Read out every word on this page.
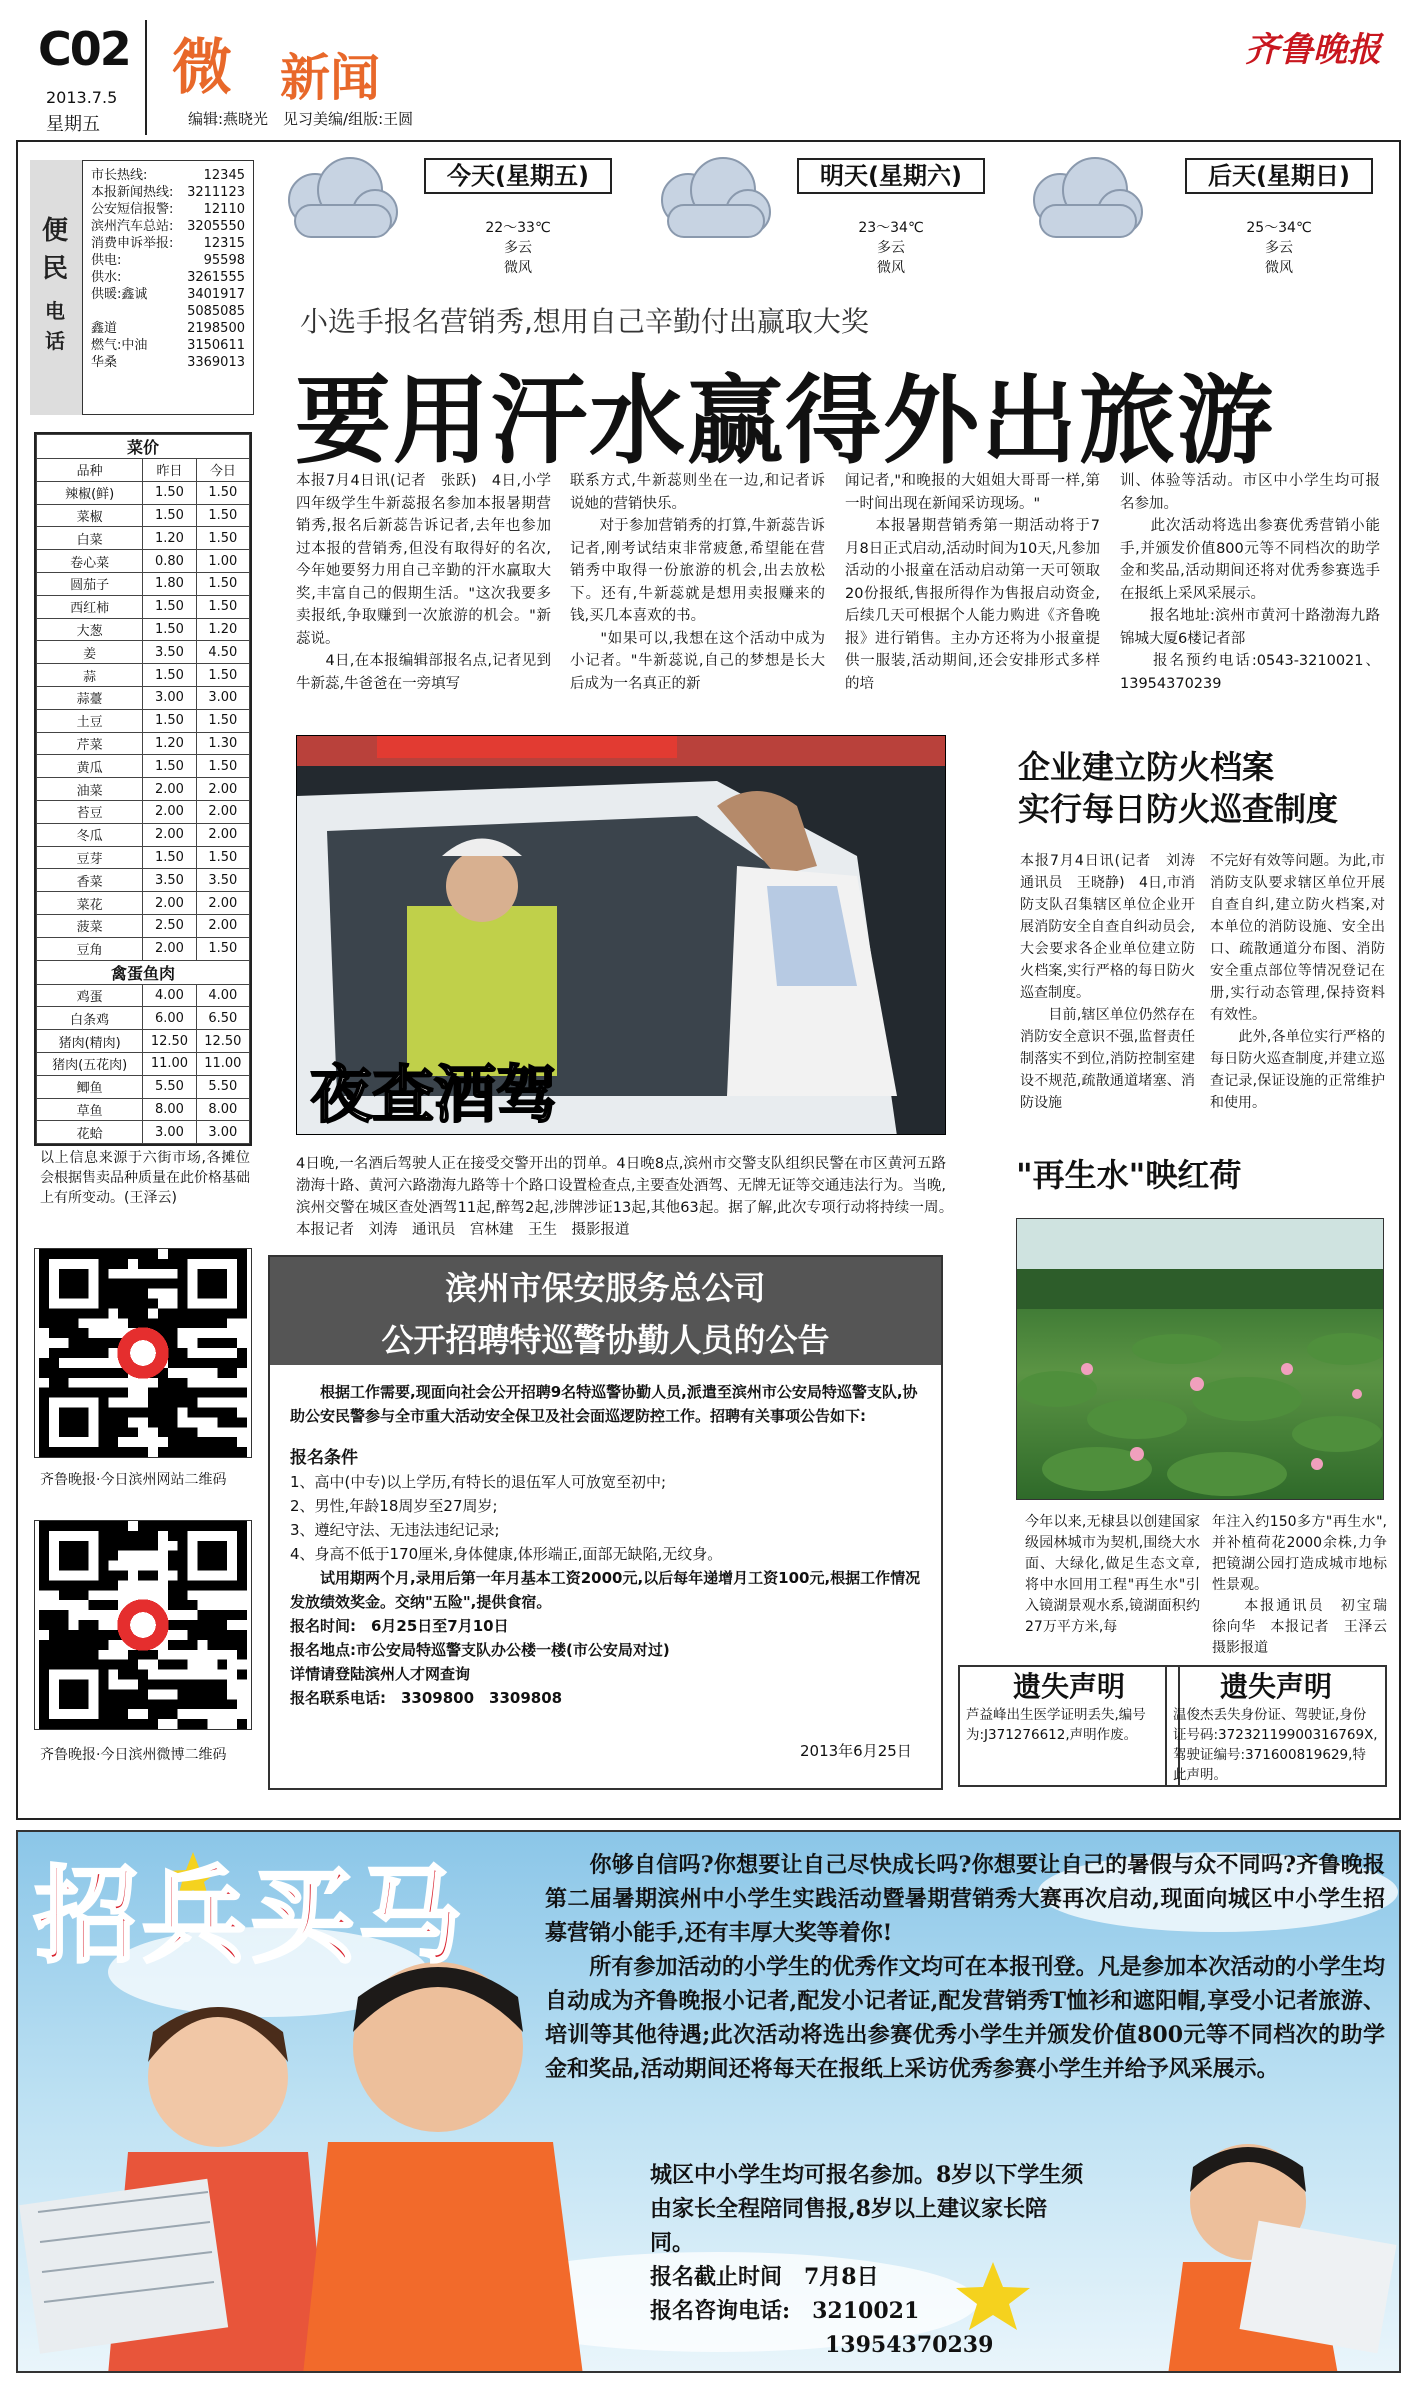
C02
2013.7.5
星期五
微 新闻
编辑:燕晓光　见习美编/组版:王圆
齐鲁晚报
便
民
电
话
市长热线:	12345
本报新闻热线: 3211123
公安短信报警: 12110
滨州汽车总站: 3205550
消费申诉举报: 12315
供电:	95598
供水:	3261555
供暖:鑫诚	3401917
5085085
鑫道	2198500
燃气:中油	3150611
华桑	3369013
今天(星期五)
22～33℃
多云
微风
明天(星期六)
23～34℃
多云
微风
后天(星期日)
25～34℃
多云
微风
小选手报名营销秀,想用自己辛勤付出赢取大奖
要用汗水赢得外出旅游
本报7月4日讯(记者　张跃)　4日,小学四年级学生牛新蕊报名参加本报暑期营销秀,报名后新蕊告诉记者,去年也参加过本报的营销秀,但没有取得好的名次,今年她要努力用自己辛勤的汗水赢取大奖,丰富自己的假期生活。"这次我要多卖报纸,争取赚到一次旅游的机会。"新蕊说。
　　4日,在本报编辑部报名点,记者见到牛新蕊,牛爸爸在一旁填写
联系方式,牛新蕊则坐在一边,和记者诉说她的营销快乐。
　　对于参加营销秀的打算,牛新蕊告诉记者,刚考试结束非常疲惫,希望能在营销秀中取得一份旅游的机会,出去放松下。还有,牛新蕊就是想用卖报赚来的钱,买几本喜欢的书。
　　"如果可以,我想在这个活动中成为小记者。"牛新蕊说,自己的梦想是长大后成为一名真正的新
闻记者,"和晚报的大姐姐大哥哥一样,第一时间出现在新闻采访现场。"
　　本报暑期营销秀第一期活动将于7月8日正式启动,活动时间为10天,凡参加活动的小报童在活动启动第一天可领取20份报纸,售报所得作为售报启动资金,后续几天可根据个人能力购进《齐鲁晚报》进行销售。主办方还将为小报童提供一服装,活动期间,还会安排形式多样的培
训、体验等活动。市区中小学生均可报名参加。
　　此次活动将选出参赛优秀营销小能手,并颁发价值800元等不同档次的助学金和奖品,活动期间还将对优秀参赛选手在报纸上采风采展示。
　　报名地址:滨州市黄河十路渤海九路锦城大厦6楼记者部
　　报名预约电话:0543-3210021、13954370239
菜价		
品种	昨日	今日
辣椒(鲜)	1.50	1.50
菜椒	1.50	1.50
白菜	1.20	1.50
卷心菜	0.80	1.00
圆茄子	1.80	1.50
西红柿	1.50	1.50
大葱	1.50	1.20
姜	3.50	4.50
蒜	1.50	1.50
蒜薹	3.00	3.00
土豆	1.50	1.50
芹菜	1.20	1.30
黄瓜	1.50	1.50
油菜	2.00	2.00
苔豆	2.00	2.00
冬瓜	2.00	2.00
豆芽	1.50	1.50
香菜	3.50	3.50
菜花	2.00	2.00
菠菜	2.50	2.00
豆角	2.00	1.50
禽蛋鱼肉		
鸡蛋	4.00	4.00
白条鸡	6.00	6.50
猪肉(精肉)	12.50	12.50
猪肉(五花肉)	11.00	11.00
鲫鱼	5.50	5.50
草鱼	8.00	8.00
花蛤	3.00	3.00
以上信息来源于六街市场,各摊位会根据售卖品种质量在此价格基础上有所变动。(王泽云)
夜查酒驾
4日晚,一名酒后驾驶人正在接受交警开出的罚单。4日晚8点,滨州市交警支队组织民警在市区黄河五路渤海十路、黄河六路渤海九路等十个路口设置检查点,主要查处酒驾、无牌无证等交通违法行为。当晚,滨州交警在城区查处酒驾11起,醉驾2起,涉牌涉证13起,其他63起。据了解,此次专项行动将持续一周。　本报记者　刘涛　通讯员　宫林建　王生　摄影报道
企业建立防火档案
实行每日防火巡查制度
本报7月4日讯(记者　刘涛　通讯员　王晓静)　4日,市消防支队召集辖区单位企业开展消防安全自查自纠动员会,大会要求各企业单位建立防火档案,实行严格的每日防火巡查制度。
　　目前,辖区单位仍然存在消防安全意识不强,监督责任制落实不到位,消防控制室建设不规范,疏散通道堵塞、消防设施
不完好有效等问题。为此,市消防支队要求辖区单位开展自查自纠,建立防火档案,对本单位的消防设施、安全出口、疏散通道分布图、消防安全重点部位等情况登记在册,实行动态管理,保持资料有效性。
　　此外,各单位实行严格的每日防火巡查制度,并建立巡查记录,保证设施的正常维护和使用。
"再生水"映红荷
今年以来,无棣县以创建国家级园林城市为契机,围绕大水面、大绿化,做足生态文章,将中水回用工程"再生水"引入镜湖景观水系,镜湖面积约27万平方米,每
年注入约150多方"再生水",并补植荷花2000余株,力争把镜湖公园打造成城市地标性景观。
　　本报通讯员　初宝瑞　徐向华　本报记者　王泽云　摄影报道
齐鲁晚报·今日滨州网站二维码
齐鲁晚报·今日滨州微博二维码
滨州市保安服务总公司
公开招聘特巡警协勤人员的公告
　　根据工作需要,现面向社会公开招聘9名特巡警协勤人员,派遣至滨州市公安局特巡警支队,协助公安民警参与全市重大活动安全保卫及社会面巡逻防控工作。招聘有关事项公告如下:
报名条件
1、高中(中专)以上学历,有特长的退伍军人可放宽至初中;
2、男性,年龄18周岁至27周岁;
3、遵纪守法、无违法违纪记录;
4、身高不低于170厘米,身体健康,体形端正,面部无缺陷,无纹身。
　　试用期两个月,录用后第一年月基本工资2000元,以后每年递增月工资100元,根据工作情况发放绩效奖金。交纳"五险",提供食宿。
报名时间:　6月25日至7月10日
报名地点:市公安局特巡警支队办公楼一楼(市公安局对过)
详情请登陆滨州人才网查询
报名联系电话:　3309800　3309808
2013年6月25日
遗失声明
芦益峰出生医学证明丢失,编号为:J371276612,声明作废。
遗失声明
温俊杰丢失身份证、驾驶证,身份证号码:37232119900316769X,驾驶证编号:371600819629,特此声明。
招兵买马	　　你够自信吗?你想要让自己尽快成长吗?你想要让自己的暑假与众不同吗?齐鲁晚报第二届暑期滨州中小学生实践活动暨暑期营销秀大赛再次启动,现面向城区中小学生招募营销小能手,还有丰厚大奖等着你!
　　所有参加活动的小学生的优秀作文均可在本报刊登。凡是参加本次活动的小学生均自动成为齐鲁晚报小记者,配发小记者证,配发营销秀T恤衫和遮阳帽,享受小记者旅游、培训等其他待遇;此次活动将选出参赛优秀小学生并颁发价值800元等不同档次的助学金和奖品,活动期间还将每天在报纸上采访优秀参赛小学生并给予风采展示。
城区中小学生均可报名参加。8岁以下学生须由家长全程陪同售报,8岁以上建议家长陪同。
报名截止时间　7月8日
报名咨询电话:　3210021
13954370239
